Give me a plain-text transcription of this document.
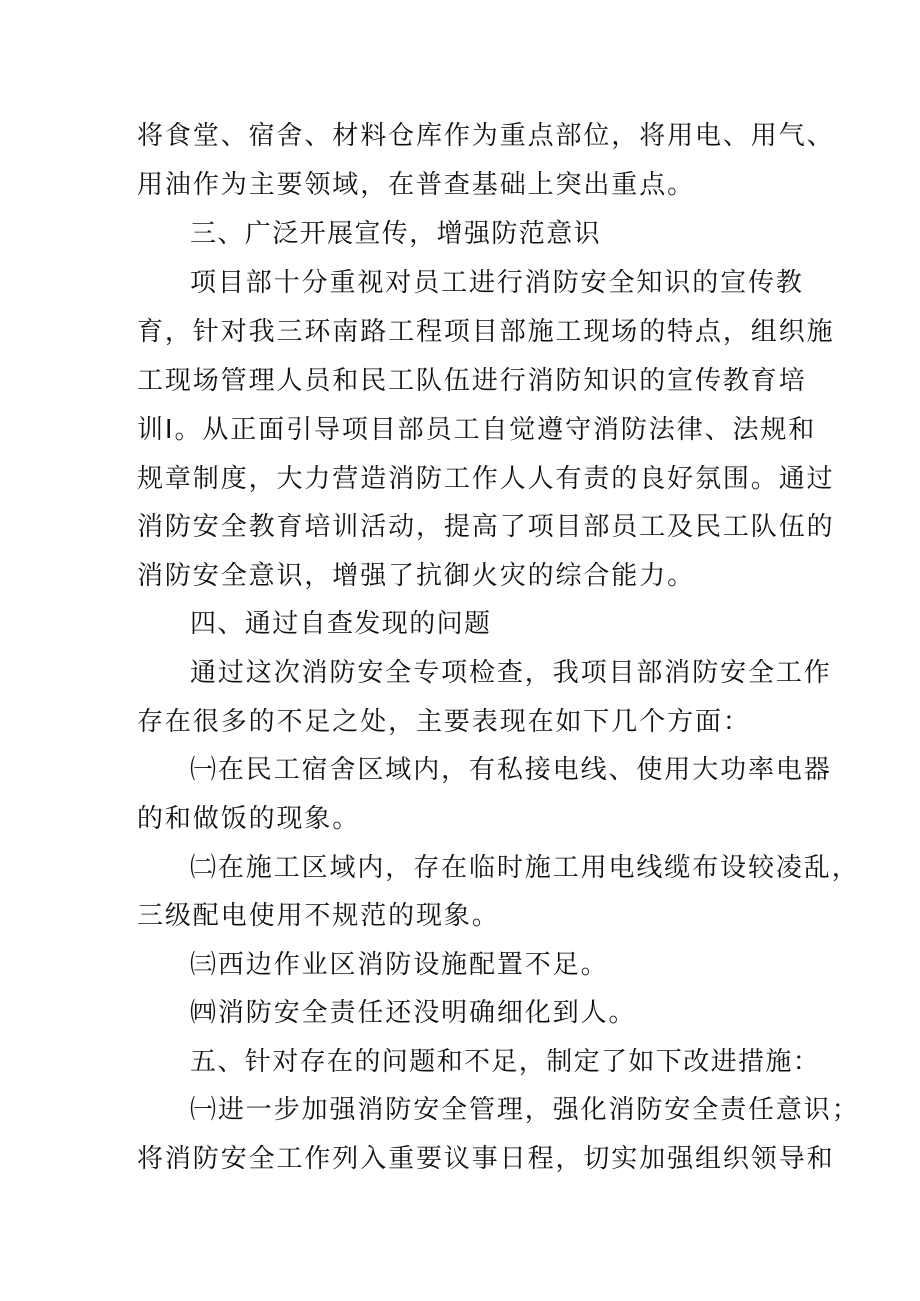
将食堂、宿舍、材料仓库作为重点部位，将用电、用气、
用油作为主要领域，在普查基础上突出重点。
三、广泛开展宣传，增强防范意识
项目部十分重视对员工进行消防安全知识的宣传教
育，针对我三环南路工程项目部施工现场的特点，组织施
工现场管理人员和民工队伍进行消防知识的宣传教育培
训I。从正面引导项目部员工自觉遵守消防法律、法规和
规章制度，大力营造消防工作人人有责的良好氛围。通过
消防安全教育培训活动，提高了项目部员工及民工队伍的
消防安全意识，增强了抗御火灾的综合能力。
四、通过自查发现的问题
通过这次消防安全专项检查，我项目部消防安全工作
存在很多的不足之处，主要表现在如下几个方面：
㈠在民工宿舍区域内，有私接电线、使用大功率电器
的和做饭的现象。
㈡在施工区域内，存在临时施工用电线缆布设较凌乱，
三级配电使用不规范的现象。
㈢西边作业区消防设施配置不足。
㈣消防安全责任还没明确细化到人。
五、针对存在的问题和不足，制定了如下改进措施：
㈠进一步加强消防安全管理，强化消防安全责任意识；
将消防安全工作列入重要议事日程，切实加强组织领导和
